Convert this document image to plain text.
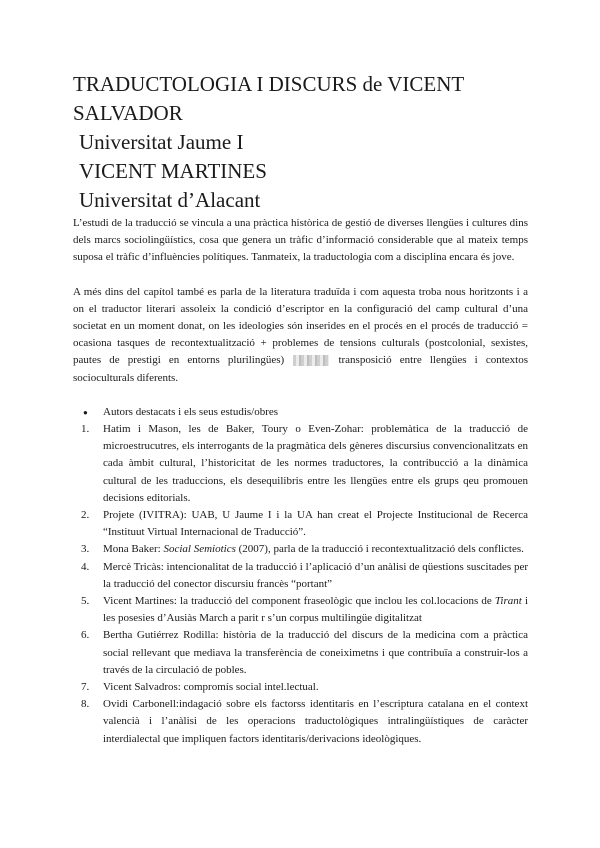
TRADUCTOLOGIA I DISCURS de VICENT
SALVADOR
Universitat Jaume I
VICENT MARTINES
Universitat d’Alacant

L’estudi de la traducció se vincula a una pràctica històrica de gestió de diverses llengües i cultures dins dels marcs sociolingüístics, cosa que genera un tràfic d’informació considerable que al mateix temps suposa el tràfic d’influències polítiques. Tanmateix, la traductologia com a disciplina encara és jove.

A més dins del capítol també es parla de la literatura traduïda i com aquesta troba nous horitzonts i a on el traductor literari assoleix la condició d’escriptor en la configuració del camp cultural d’una societat en un moment donat, on les ideologies són inserides en el procés en el procés de traducció = ocasiona tasques de recontextualització + problemes de tensions culturals (postcolonial, sexistes, pautes de prestigi en entorns plurilingües)	transposició entre llengües i contextos socioculturals diferents.

● Autors destacats i els seus estudis/obres
1. Hatim i Mason, les de Baker, Toury o Even-Zohar: problemàtica de la traducció de microestrucutres, els interrogants de la pragmàtica dels gèneres discursius convencionalitzats en cada àmbit cultural, l’historicitat de les normes traductores, la contribucció a la dinàmica cultural de les traduccions, els desequilibris entre les llengües entre els grups qeu promouen decisions editorials.
2. Projete (IVITRA): UAB, U Jaume I i la UA han creat el Projecte Institucional de Recerca “Instituut Virtual Internacional de Traducció”.
3. Mona Baker: Social Semiotics (2007), parla de la traducció i recontextualització dels conflictes.
4. Mercè Tricàs: intencionalitat de la traducció i l’aplicació d’un anàlisi de qüestions suscitades per la traducció del conector discursiu francès “portant”
5. Vicent Martines: la traducció del component fraseològic que inclou les col.locacions de Tirant i les posesies d’Ausiàs March a parit r s’un corpus multilingüe digitalitzat
6. Bertha Gutiérrez Rodilla: història de la traducció del discurs de la medicina com a pràctica social rellevant que mediava la transferència de coneiximetns i que contribuïa a construir-los a través de la circulació de pobles.
7. Vicent Salvadros: compromís social intel.lectual.
8. Ovidi Carbonell:indagació sobre els factorss identitaris en l’escriptura catalana en el context valencià i l’anàlisi de les operacions traductològiques intralingüístiques de caràcter interdialectal que impliquen factors identitaris/derivacions ideològiques.
